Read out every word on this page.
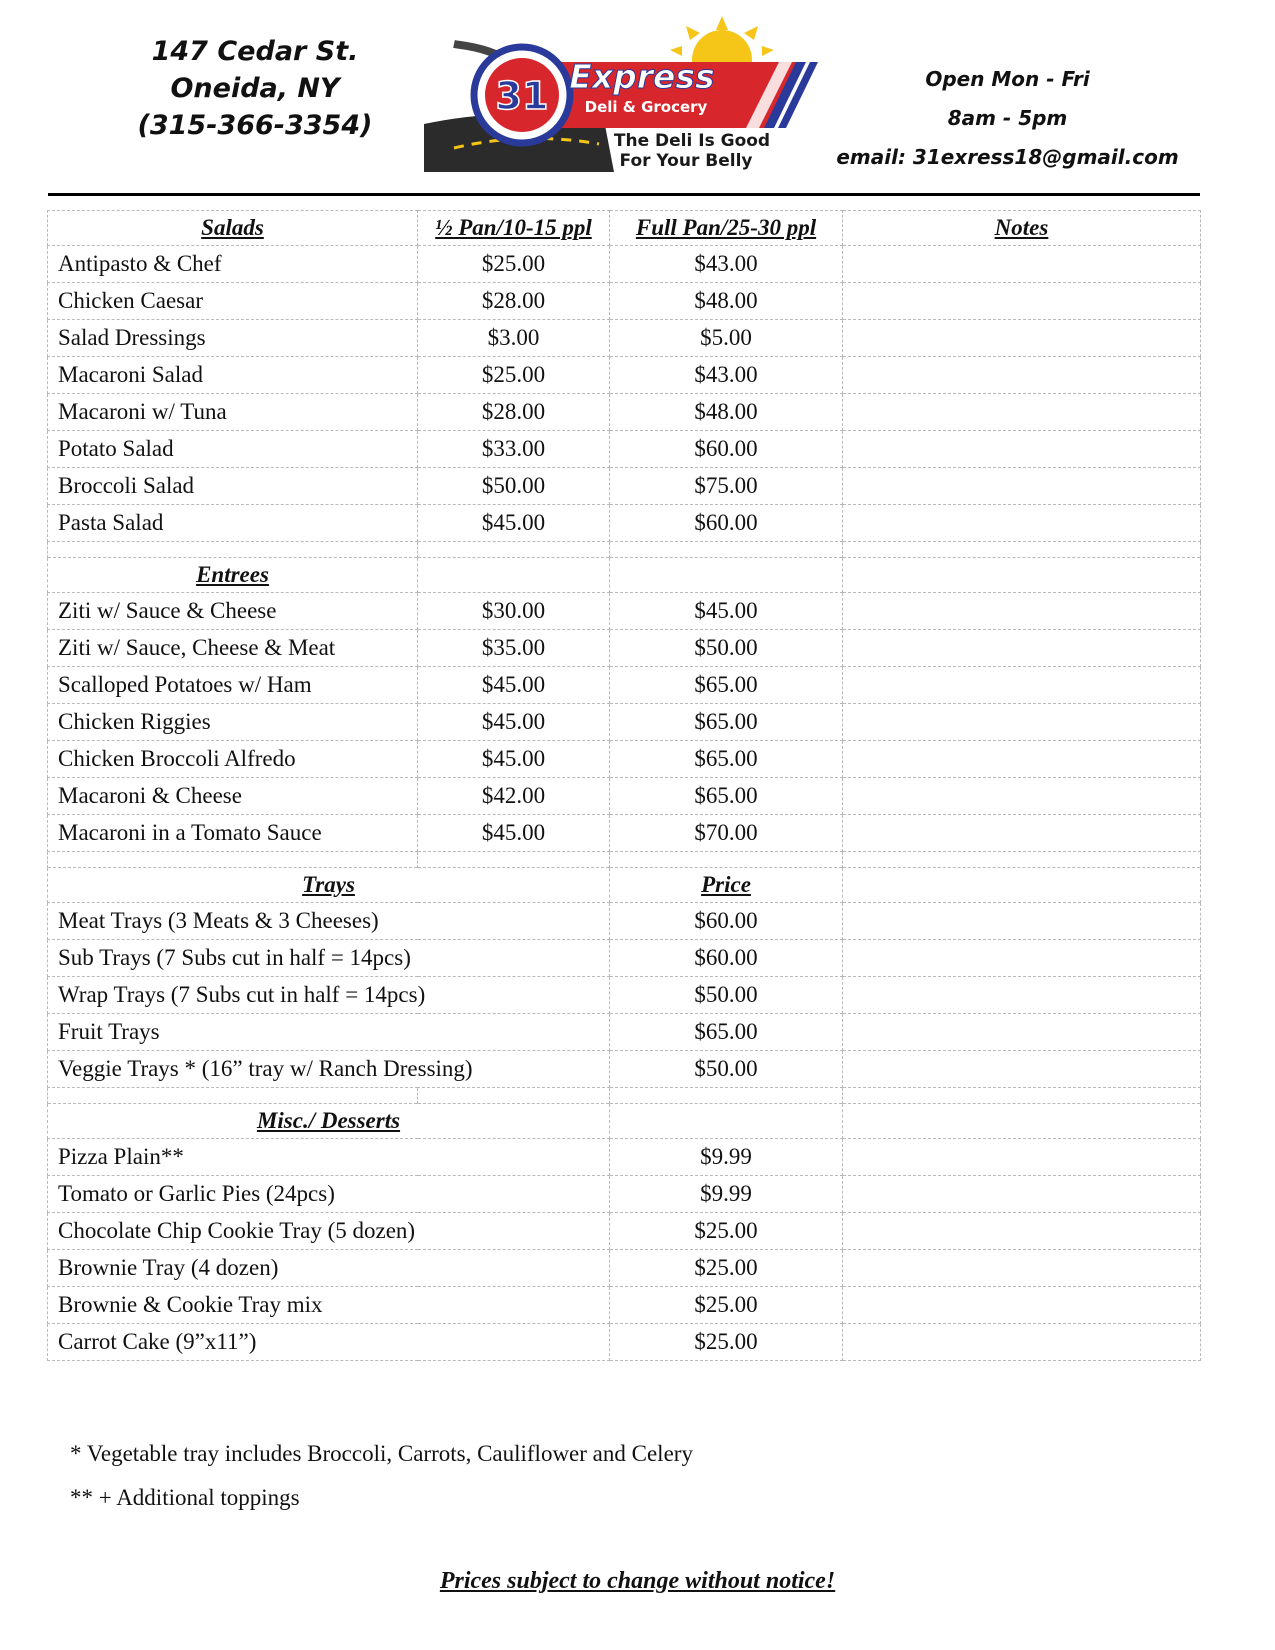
147 Cedar St.
Oneida, NY
(315-366-3354)
31 Express
Deli & Grocery
The Deli Is Good
For Your Belly
Open Mon - Fri
8am - 5pm
email: 31exress18@gmail.com
Salads	½ Pan/10-15 ppl	Full Pan/25-30 ppl	Notes
Antipasto & Chef	$25.00	$43.00	
Chicken Caesar	$28.00	$48.00	
Salad Dressings	$3.00	$5.00	
Macaroni Salad	$25.00	$43.00	
Macaroni w/ Tuna	$28.00	$48.00	
Potato Salad	$33.00	$60.00	
Broccoli Salad	$50.00	$75.00	
Pasta Salad	$45.00	$60.00	

Entrees			
Ziti w/ Sauce & Cheese	$30.00	$45.00	
Ziti w/ Sauce, Cheese & Meat	$35.00	$50.00	
Scalloped Potatoes w/ Ham	$45.00	$65.00	
Chicken Riggies	$45.00	$65.00	
Chicken Broccoli Alfredo	$45.00	$65.00	
Macaroni & Cheese	$42.00	$65.00	
Macaroni in a Tomato Sauce	$45.00	$70.00	

Trays		Price	
Meat Trays (3 Meats & 3 Cheeses)		$60.00	
Sub Trays (7 Subs cut in half = 14pcs)		$60.00	
Wrap Trays (7 Subs cut in half = 14pcs)		$50.00	
Fruit Trays		$65.00	
Veggie Trays * (16” tray w/ Ranch Dressing)		$50.00	

Misc./ Desserts			
Pizza Plain**		$9.99	
Tomato or Garlic Pies (24pcs)		$9.99	
Chocolate Chip Cookie Tray (5 dozen)		$25.00	
Brownie Tray (4 dozen)		$25.00	
Brownie & Cookie Tray mix		$25.00	
Carrot Cake (9”x11”)		$25.00	
* Vegetable tray includes Broccoli, Carrots, Cauliflower and Celery
** + Additional toppings
Prices subject to change without notice!
